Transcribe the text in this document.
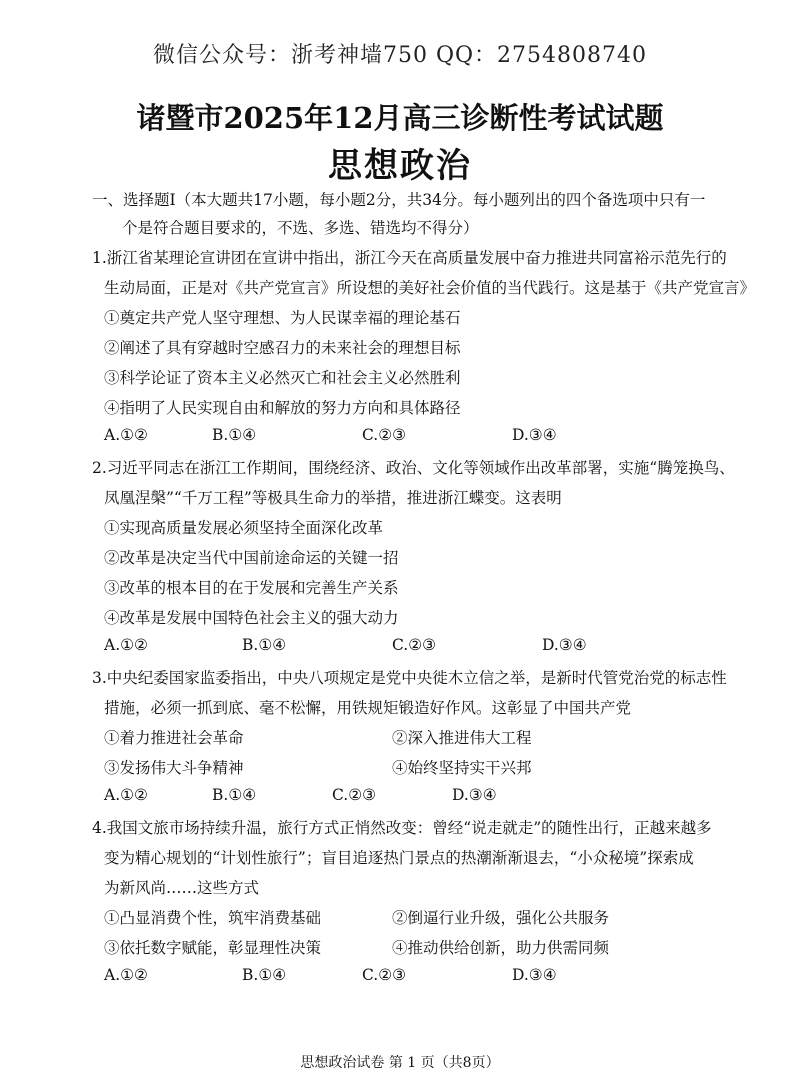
微信公众号：浙考神墙750 QQ：2754808740
诸暨市2025年12月高三诊断性考试试题
思想政治
一、选择题Ⅰ（本大题共17小题，每小题2分，共34分。每小题列出的四个备选项中只有一
个是符合题目要求的，不选、多选、错选均不得分）
1.浙江省某理论宣讲团在宣讲中指出，浙江今天在高质量发展中奋力推进共同富裕示范先行的
生动局面，正是对《共产党宣言》所设想的美好社会价值的当代践行。这是基于《共产党宣言》
①奠定共产党人坚守理想、为人民谋幸福的理论基石
②阐述了具有穿越时空感召力的未来社会的理想目标
③科学论证了资本主义必然灭亡和社会主义必然胜利
④指明了人民实现自由和解放的努力方向和具体路径
A.①②	B.①④	C.②③	D.③④
2.习近平同志在浙江工作期间，围绕经济、政治、文化等领域作出改革部署，实施“腾笼换鸟、
凤凰涅槃”“千万工程”等极具生命力的举措，推进浙江蝶变。这表明
①实现高质量发展必须坚持全面深化改革
②改革是决定当代中国前途命运的关键一招
③改革的根本目的在于发展和完善生产关系
④改革是发展中国特色社会主义的强大动力
A.①②	B.①④	C.②③	D.③④
3.中央纪委国家监委指出，中央八项规定是党中央徙木立信之举，是新时代管党治党的标志性
措施，必须一抓到底、毫不松懈，用铁规矩锻造好作风。这彰显了中国共产党
①着力推进社会革命	②深入推进伟大工程
③发扬伟大斗争精神	④始终坚持实干兴邦
A.①②	B.①④	C.②③	D.③④
4.我国文旅市场持续升温，旅行方式正悄然改变：曾经“说走就走”的随性出行，正越来越多
变为精心规划的“计划性旅行”；盲目追逐热门景点的热潮渐渐退去，“小众秘境”探索成
为新风尚……这些方式
①凸显消费个性，筑牢消费基础	②倒逼行业升级，强化公共服务
③依托数字赋能，彰显理性决策	④推动供给创新，助力供需同频
A.①②	B.①④	C.②③	D.③④
思想政治试卷 第 1 页（共8页）
